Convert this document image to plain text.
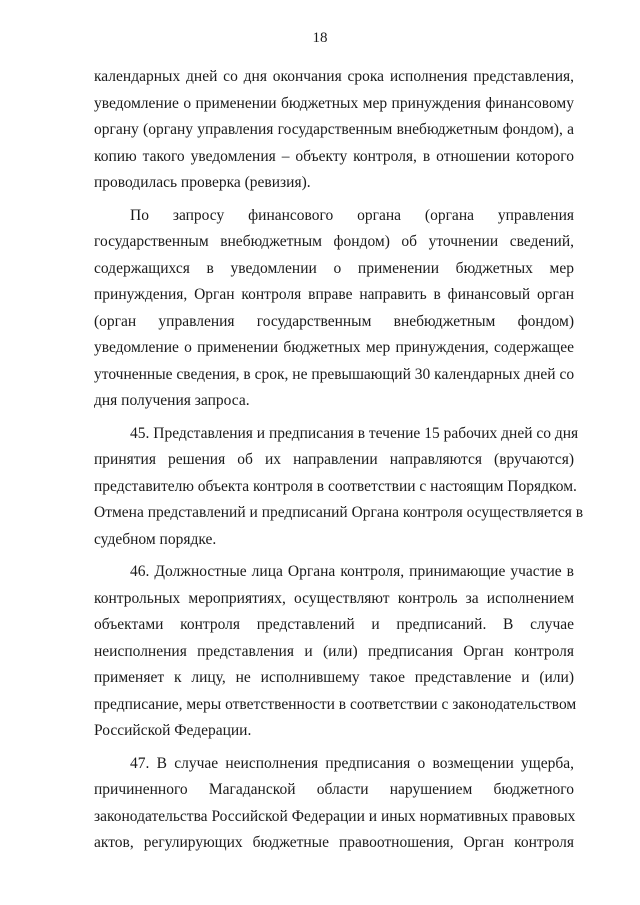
18
календарных дней со дня окончания срока исполнения представления,
уведомление о применении бюджетных мер принуждения финансовому
органу (органу управления государственным внебюджетным фондом), а
копию такого уведомления – объекту контроля, в отношении которого
проводилась проверка (ревизия).
По запросу финансового органа (органа управления
государственным внебюджетным фондом) об уточнении сведений,
содержащихся в уведомлении о применении бюджетных мер
принуждения, Орган контроля вправе направить в финансовый орган
(орган управления государственным внебюджетным фондом)
уведомление о применении бюджетных мер принуждения, содержащее
уточненные сведения, в срок, не превышающий 30 календарных дней со
дня получения запроса.
45. Представления и предписания в течение 15 рабочих дней со дня
принятия решения об их направлении направляются (вручаются)
представителю объекта контроля в соответствии с настоящим Порядком.
Отмена представлений и предписаний Органа контроля осуществляется в
судебном порядке.
46. Должностные лица Органа контроля, принимающие участие в
контрольных мероприятиях, осуществляют контроль за исполнением
объектами контроля представлений и предписаний. В случае
неисполнения представления и (или) предписания Орган контроля
применяет к лицу, не исполнившему такое представление и (или)
предписание, меры ответственности в соответствии с законодательством
Российской Федерации.
47. В случае неисполнения предписания о возмещении ущерба,
причиненного Магаданской области нарушением бюджетного
законодательства Российской Федерации и иных нормативных правовых
актов, регулирующих бюджетные правоотношения, Орган контроля
